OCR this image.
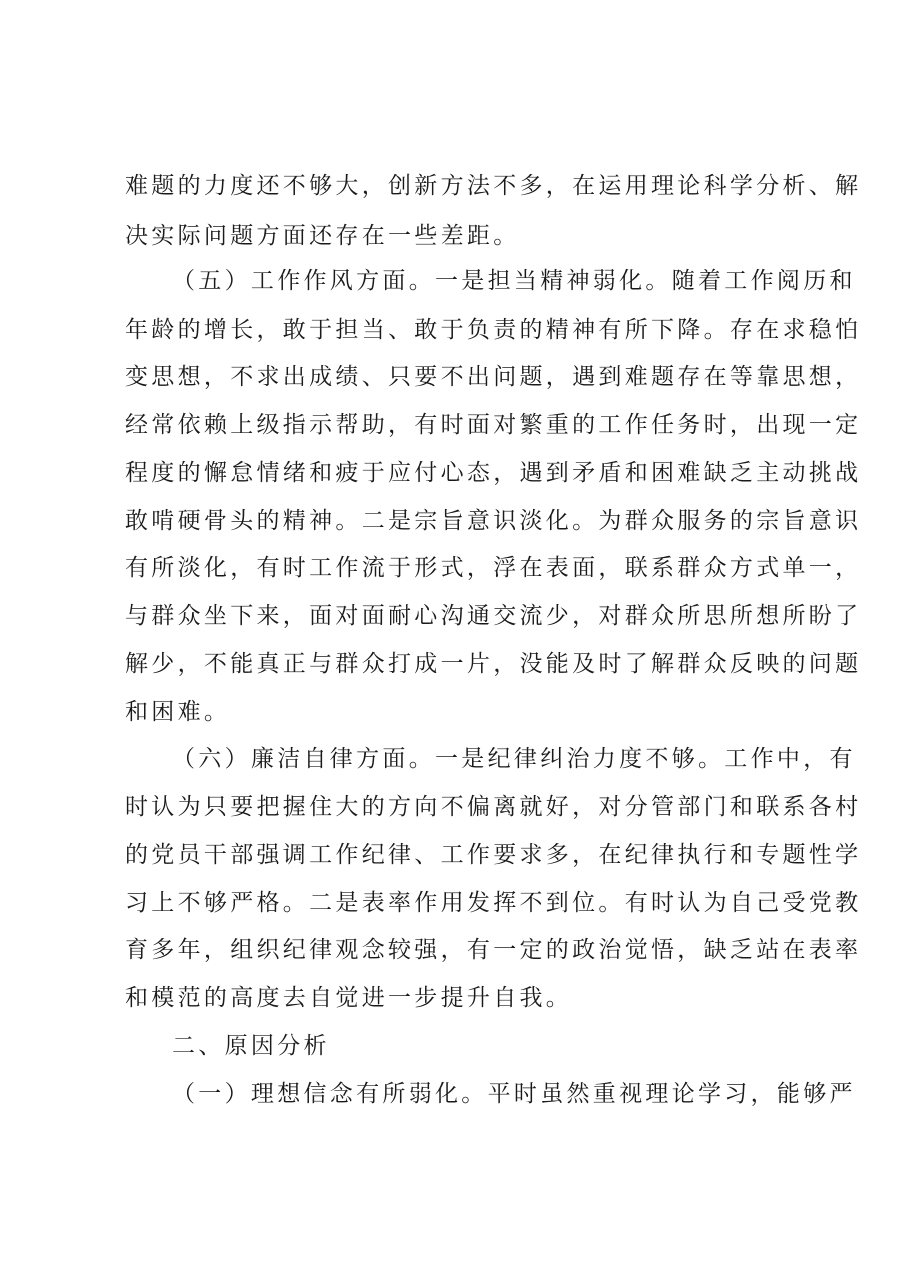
难题的力度还不够大，创新方法不多，在运用理论科学分析、解
决实际问题方面还存在一些差距。
（五）工作作风方面。一是担当精神弱化。随着工作阅历和
年龄的增长，敢于担当、敢于负责的精神有所下降。存在求稳怕
变思想，不求出成绩、只要不出问题，遇到难题存在等靠思想，
经常依赖上级指示帮助，有时面对繁重的工作任务时，出现一定
程度的懈怠情绪和疲于应付心态，遇到矛盾和困难缺乏主动挑战
敢啃硬骨头的精神。二是宗旨意识淡化。为群众服务的宗旨意识
有所淡化，有时工作流于形式，浮在表面，联系群众方式单一，
与群众坐下来，面对面耐心沟通交流少，对群众所思所想所盼了
解少，不能真正与群众打成一片，没能及时了解群众反映的问题
和困难。
（六）廉洁自律方面。一是纪律纠治力度不够。工作中，有
时认为只要把握住大的方向不偏离就好，对分管部门和联系各村
的党员干部强调工作纪律、工作要求多，在纪律执行和专题性学
习上不够严格。二是表率作用发挥不到位。有时认为自己受党教
育多年，组织纪律观念较强，有一定的政治觉悟，缺乏站在表率
和模范的高度去自觉进一步提升自我。
二、原因分析
（一）理想信念有所弱化。平时虽然重视理论学习，能够严
